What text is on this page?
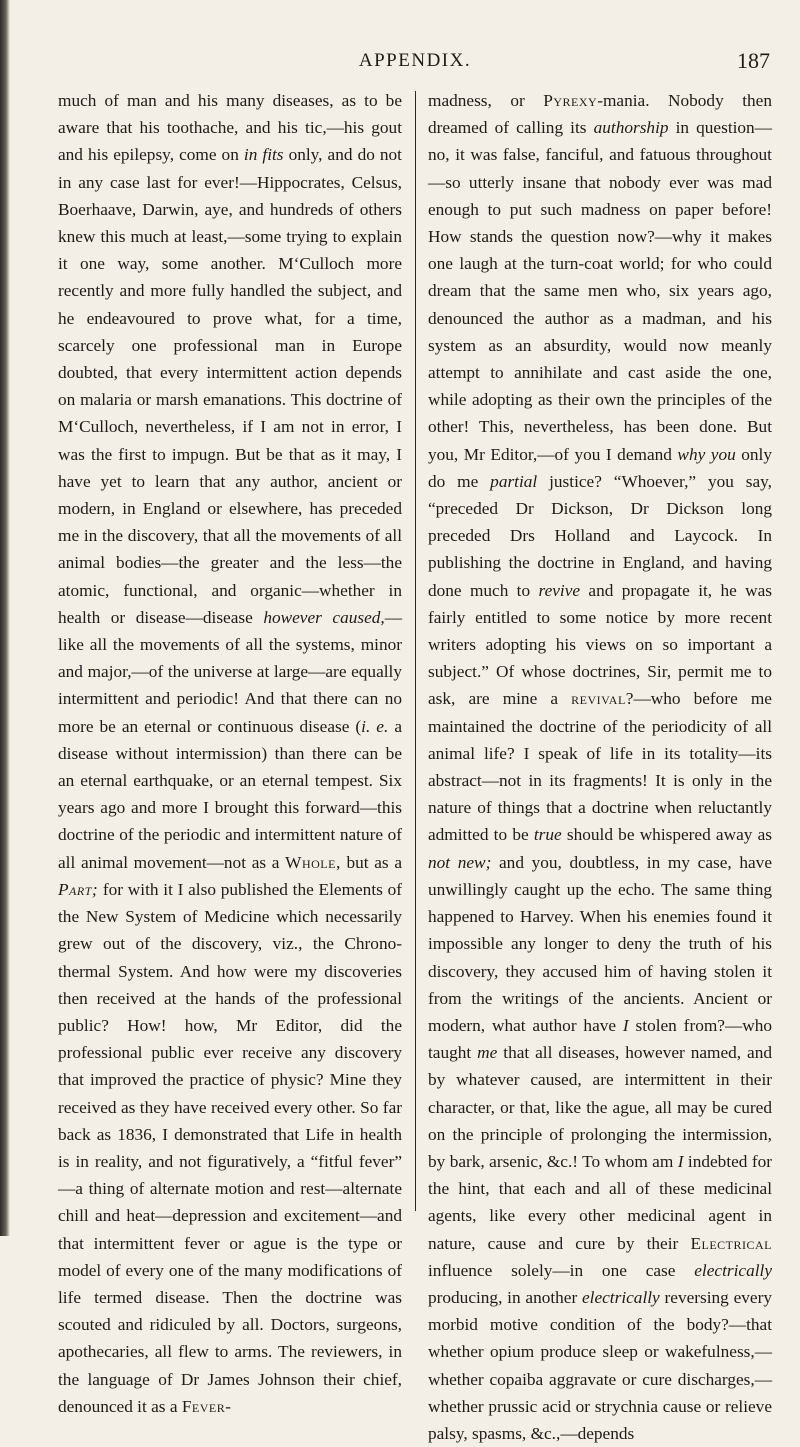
APPENDIX.	187

much of man and his many diseases, as to be aware that his toothache, and his tic,—his gout and his epilepsy, come on in fits only, and do not in any case last for ever!—Hippocrates, Celsus, Boerhaave, Darwin, aye, and hundreds of others knew this much at least,—some trying to explain it one way, some another. M‘Culloch more recently and more fully handled the subject, and he endeavoured to prove what, for a time, scarcely one professional man in Europe doubted, that every intermittent action depends on malaria or marsh emanations. This doctrine of M‘Culloch, nevertheless, if I am not in error, I was the first to impugn. But be that as it may, I have yet to learn that any author, ancient or modern, in England or elsewhere, has preceded me in the discovery, that all the movements of all animal bodies—the greater and the less—the atomic, functional, and organic—whether in health or disease—disease however caused,—like all the movements of all the systems, minor and major,—of the universe at large—are equally intermittent and periodic! And that there can no more be an eternal or continuous disease (i. e. a disease without intermission) than there can be an eternal earthquake, or an eternal tempest. Six years ago and more I brought this forward—this doctrine of the periodic and intermittent nature of all animal movement—not as a Whole, but as a Part; for with it I also published the Elements of the New System of Medicine which necessarily grew out of the discovery, viz., the Chrono-thermal System. And how were my discoveries then received at the hands of the professional public? How! how, Mr Editor, did the professional public ever receive any discovery that improved the practice of physic? Mine they received as they have received every other. So far back as 1836, I demonstrated that Life in health is in reality, and not figuratively, a “fitful fever” —a thing of alternate motion and rest—alternate chill and heat—depression and excitement—and that intermittent fever or ague is the type or model of every one of the many modifications of life termed disease. Then the doctrine was scouted and ridiculed by all. Doctors, surgeons, apothecaries, all flew to arms. The reviewers, in the language of Dr James Johnson their chief, denounced it as a Fever-

madness, or Pyrexy-mania. Nobody then dreamed of calling its authorship in question—no, it was false, fanciful, and fatuous throughout—so utterly insane that nobody ever was mad enough to put such madness on paper before! How stands the question now?—why it makes one laugh at the turn-coat world; for who could dream that the same men who, six years ago, denounced the author as a madman, and his system as an absurdity, would now meanly attempt to annihilate and cast aside the one, while adopting as their own the principles of the other! This, nevertheless, has been done. But you, Mr Editor,—of you I demand why you only do me partial justice? “Whoever,” you say, “preceded Dr Dickson, Dr Dickson long preceded Drs Holland and Laycock. In publishing the doctrine in England, and having done much to revive and propagate it, he was fairly entitled to some notice by more recent writers adopting his views on so important a subject.” Of whose doctrines, Sir, permit me to ask, are mine a revival?—who before me maintained the doctrine of the periodicity of all animal life? I speak of life in its totality—its abstract—not in its fragments! It is only in the nature of things that a doctrine when reluctantly admitted to be true should be whispered away as not new; and you, doubtless, in my case, have unwillingly caught up the echo. The same thing happened to Harvey. When his enemies found it impossible any longer to deny the truth of his discovery, they accused him of having stolen it from the writings of the ancients. Ancient or modern, what author have I stolen from?—who taught me that all diseases, however named, and by whatever caused, are intermittent in their character, or that, like the ague, all may be cured on the principle of prolonging the intermission, by bark, arsenic, &c.! To whom am I indebted for the hint, that each and all of these medicinal agents, like every other medicinal agent in nature, cause and cure by their Electrical influence solely—in one case electrically producing, in another electrically reversing every morbid motive condition of the body?—that whether opium produce sleep or wakefulness,—whether copaiba aggravate or cure discharges,—whether prussic acid or strychnia cause or relieve palsy, spasms, &c.,—depends
